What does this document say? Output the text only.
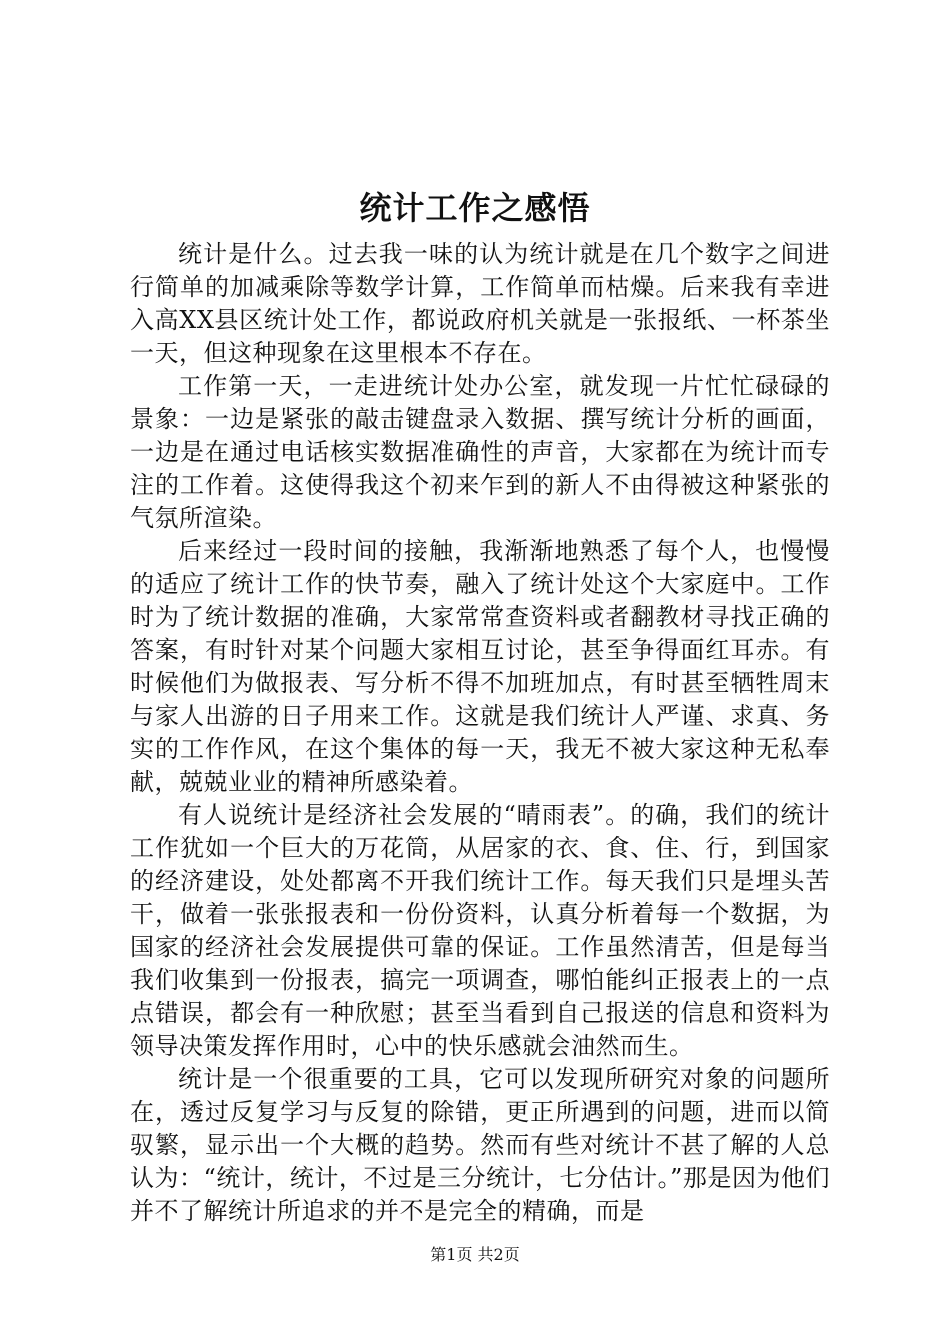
统计工作之感悟

统计是什么。过去我一味的认为统计就是在几个数字之间进行简单的加减乘除等数学计算，工作简单而枯燥。后来我有幸进入高XX县区统计处工作，都说政府机关就是一张报纸、一杯茶坐一天，但这种现象在这里根本不存在。

工作第一天，一走进统计处办公室，就发现一片忙忙碌碌的景象：一边是紧张的敲击键盘录入数据、撰写统计分析的画面，一边是在通过电话核实数据准确性的声音，大家都在为统计而专注的工作着。这使得我这个初来乍到的新人不由得被这种紧张的气氛所渲染。

后来经过一段时间的接触，我渐渐地熟悉了每个人，也慢慢的适应了统计工作的快节奏，融入了统计处这个大家庭中。工作时为了统计数据的准确，大家常常查资料或者翻教材寻找正确的答案，有时针对某个问题大家相互讨论，甚至争得面红耳赤。有时候他们为做报表、写分析不得不加班加点，有时甚至牺牲周末与家人出游的日子用来工作。这就是我们统计人严谨、求真、务实的工作作风，在这个集体的每一天，我无不被大家这种无私奉献，兢兢业业的精神所感染着。

有人说统计是经济社会发展的“晴雨表”。的确，我们的统计工作犹如一个巨大的万花筒，从居家的衣、食、住、行，到国家的经济建设，处处都离不开我们统计工作。每天我们只是埋头苦干，做着一张张报表和一份份资料，认真分析着每一个数据，为国家的经济社会发展提供可靠的保证。工作虽然清苦，但是每当我们收集到一份报表，搞完一项调查，哪怕能纠正报表上的一点点错误，都会有一种欣慰；甚至当看到自己报送的信息和资料为领导决策发挥作用时，心中的快乐感就会油然而生。

统计是一个很重要的工具，它可以发现所研究对象的问题所在，透过反复学习与反复的除错，更正所遇到的问题，进而以简驭繁，显示出一个大概的趋势。然而有些对统计不甚了解的人总认为：“统计，统计，不过是三分统计，七分估计。”那是因为他们并不了解统计所追求的并不是完全的精确，而是

第1页 共2页
